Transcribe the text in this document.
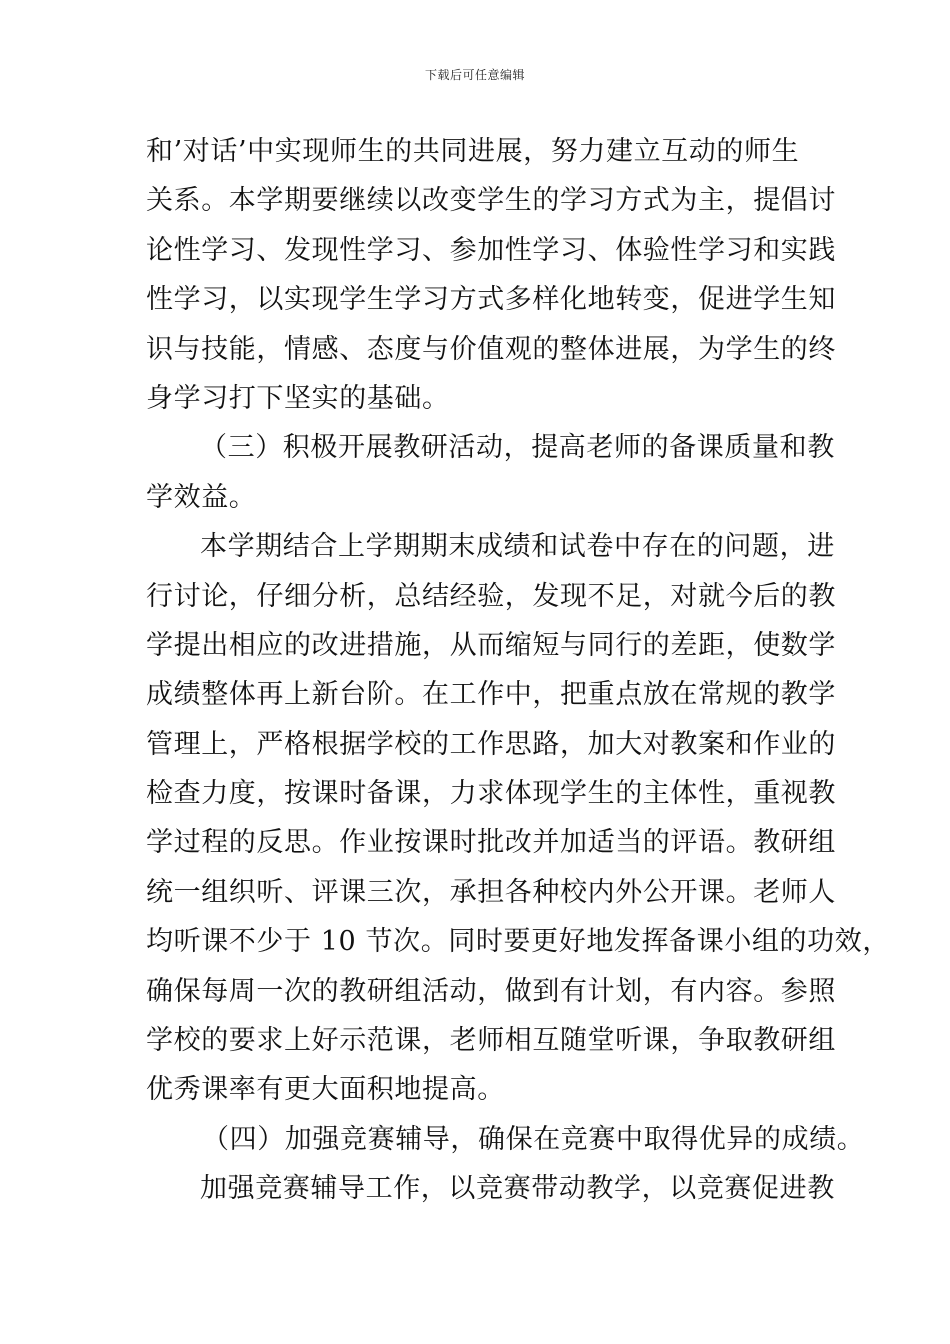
下载后可任意编辑
和’对话’中实现师生的共同进展，努力建立互动的师生
关系。本学期要继续以改变学生的学习方式为主，提倡讨
论性学习、发现性学习、参加性学习、体验性学习和实践
性学习，以实现学生学习方式多样化地转变，促进学生知
识与技能，情感、态度与价值观的整体进展，为学生的终
身学习打下坚实的基础。
（三）积极开展教研活动，提高老师的备课质量和教
学效益。
本学期结合上学期期末成绩和试卷中存在的问题，进
行讨论，仔细分析，总结经验，发现不足，对就今后的教
学提出相应的改进措施，从而缩短与同行的差距，使数学
成绩整体再上新台阶。在工作中，把重点放在常规的教学
管理上，严格根据学校的工作思路，加大对教案和作业的
检查力度，按课时备课，力求体现学生的主体性，重视教
学过程的反思。作业按课时批改并加适当的评语。教研组
统一组织听、评课三次，承担各种校内外公开课。老师人
均听课不少于 10 节次。同时要更好地发挥备课小组的功效，
确保每周一次的教研组活动，做到有计划，有内容。参照
学校的要求上好示范课，老师相互随堂听课，争取教研组
优秀课率有更大面积地提高。
（四）加强竞赛辅导，确保在竞赛中取得优异的成绩。
加强竞赛辅导工作，以竞赛带动教学，以竞赛促进教
